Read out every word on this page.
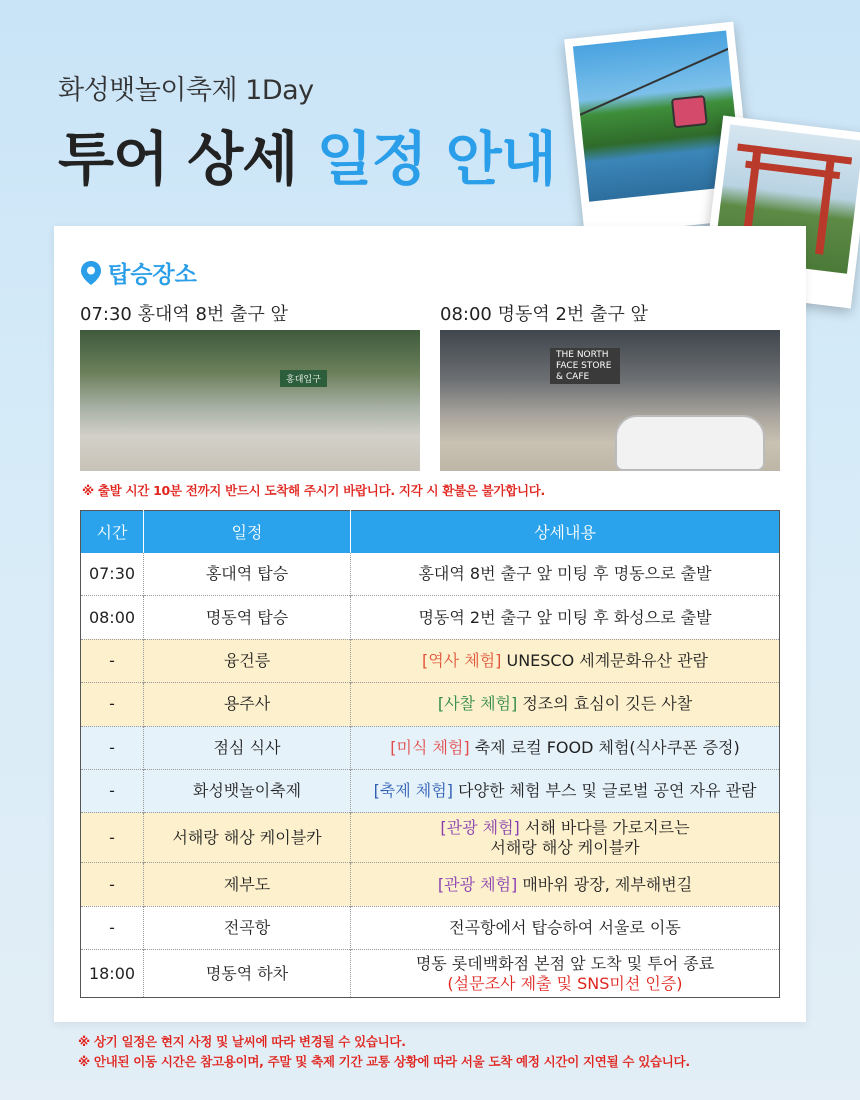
화성뱃놀이축제 1Day
투어 상세 일정 안내
탑승장소
07:30 홍대역 8번 출구 앞	08:00 명동역 2번 출구 앞
홍대입구
THE NORTH FACE STORE & CAFE
※ 출발 시간 10분 전까지 반드시 도착해 주시기 바랍니다. 지각 시 환불은 불가합니다.
시간	일정	상세내용
07:30	홍대역 탑승	홍대역 8번 출구 앞 미팅 후 명동으로 출발
08:00	명동역 탑승	명동역 2번 출구 앞 미팅 후 화성으로 출발
-	융건릉	[역사 체험] UNESCO 세계문화유산 관람
-	용주사	[사찰 체험] 정조의 효심이 깃든 사찰
-	점심 식사	[미식 체험] 축제 로컬 FOOD 체험(식사쿠폰 증정)
-	화성뱃놀이축제	[축제 체험] 다양한 체험 부스 및 글로벌 공연 자유 관람
-	서해랑 해상 케이블카	[관광 체험] 서해 바다를 가로지르는
서해랑 해상 케이블카
-	제부도	[관광 체험] 매바위 광장, 제부해변길
-	전곡항	전곡항에서 탑승하여 서울로 이동
18:00	명동역 하차	명동 롯데백화점 본점 앞 도착 및 투어 종료
(설문조사 제출 및 SNS미션 인증)
※ 상기 일정은 현지 사정 및 날씨에 따라 변경될 수 있습니다.
※ 안내된 이동 시간은 참고용이며, 주말 및 축제 기간 교통 상황에 따라 서울 도착 예정 시간이 지연될 수 있습니다.
